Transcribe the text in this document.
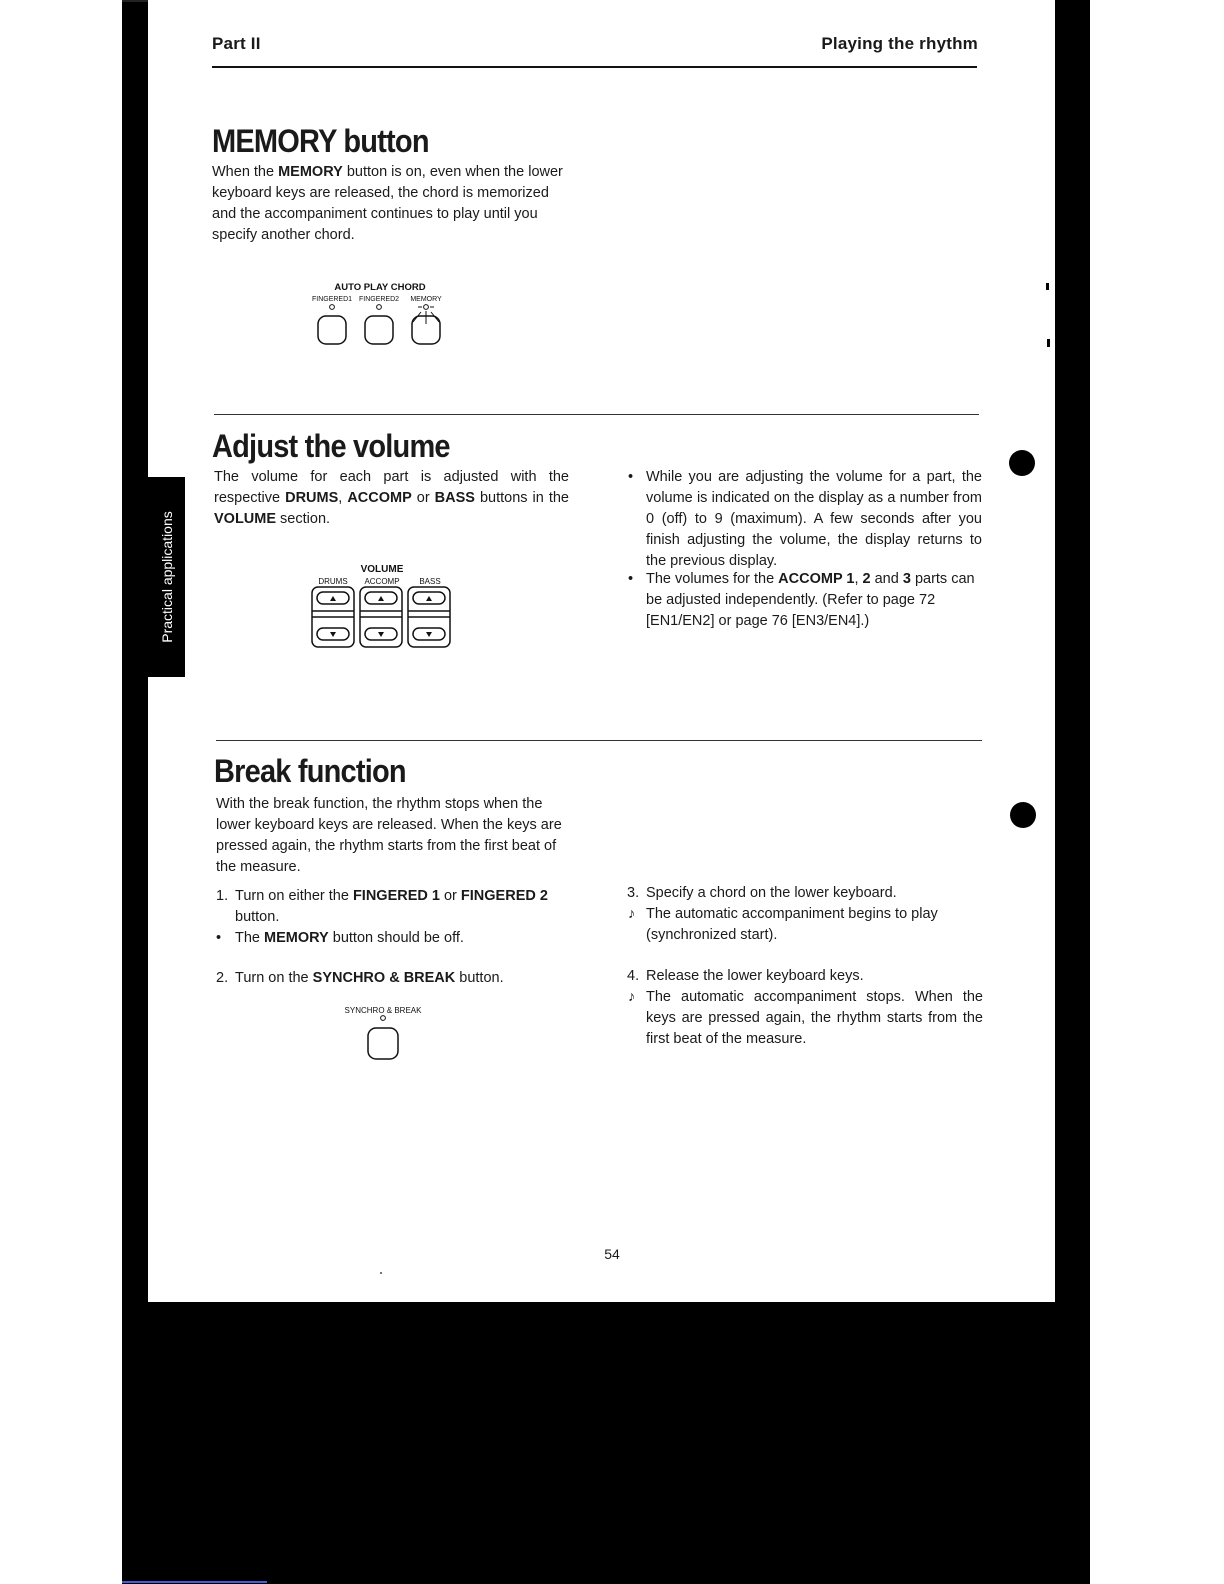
Part II	Playing the rhythm
Practical applications
MEMORY button

When the MEMORY button is on, even when the lower keyboard keys are released, the chord is memorized and the accompaniment continues to play until you specify another chord.

AUTO PLAY CHORD
FINGERED1 FINGERED2 MEMORY
Adjust the volume

The volume for each part is adjusted with the respective DRUMS, ACCOMP or BASS buttons in the VOLUME section.

VOLUME
DRUMS ACCOMP BASS
• While you are adjusting the volume for a part, the volume is indicated on the display as a number from 0 (off) to 9 (maximum). A few seconds after you finish adjusting the volume, the display returns to the previous display.

• The volumes for the ACCOMP 1, 2 and 3 parts can be adjusted independently. (Refer to page 72 [EN1/EN2] or page 76 [EN3/EN4].)

Break function

With the break function, the rhythm stops when the lower keyboard keys are released. When the keys are pressed again, the rhythm starts from the first beat of the measure.

1. Turn on either the FINGERED 1 or FINGERED 2 button.

• The MEMORY button should be off.

2. Turn on the SYNCHRO & BREAK button.

SYNCHRO & BREAK
3. Specify a chord on the lower keyboard.

♪ The automatic accompaniment begins to play (synchronized start).

4. Release the lower keyboard keys.

♪ The automatic accompaniment stops. When the keys are pressed again, the rhythm starts from the first beat of the measure.

54
